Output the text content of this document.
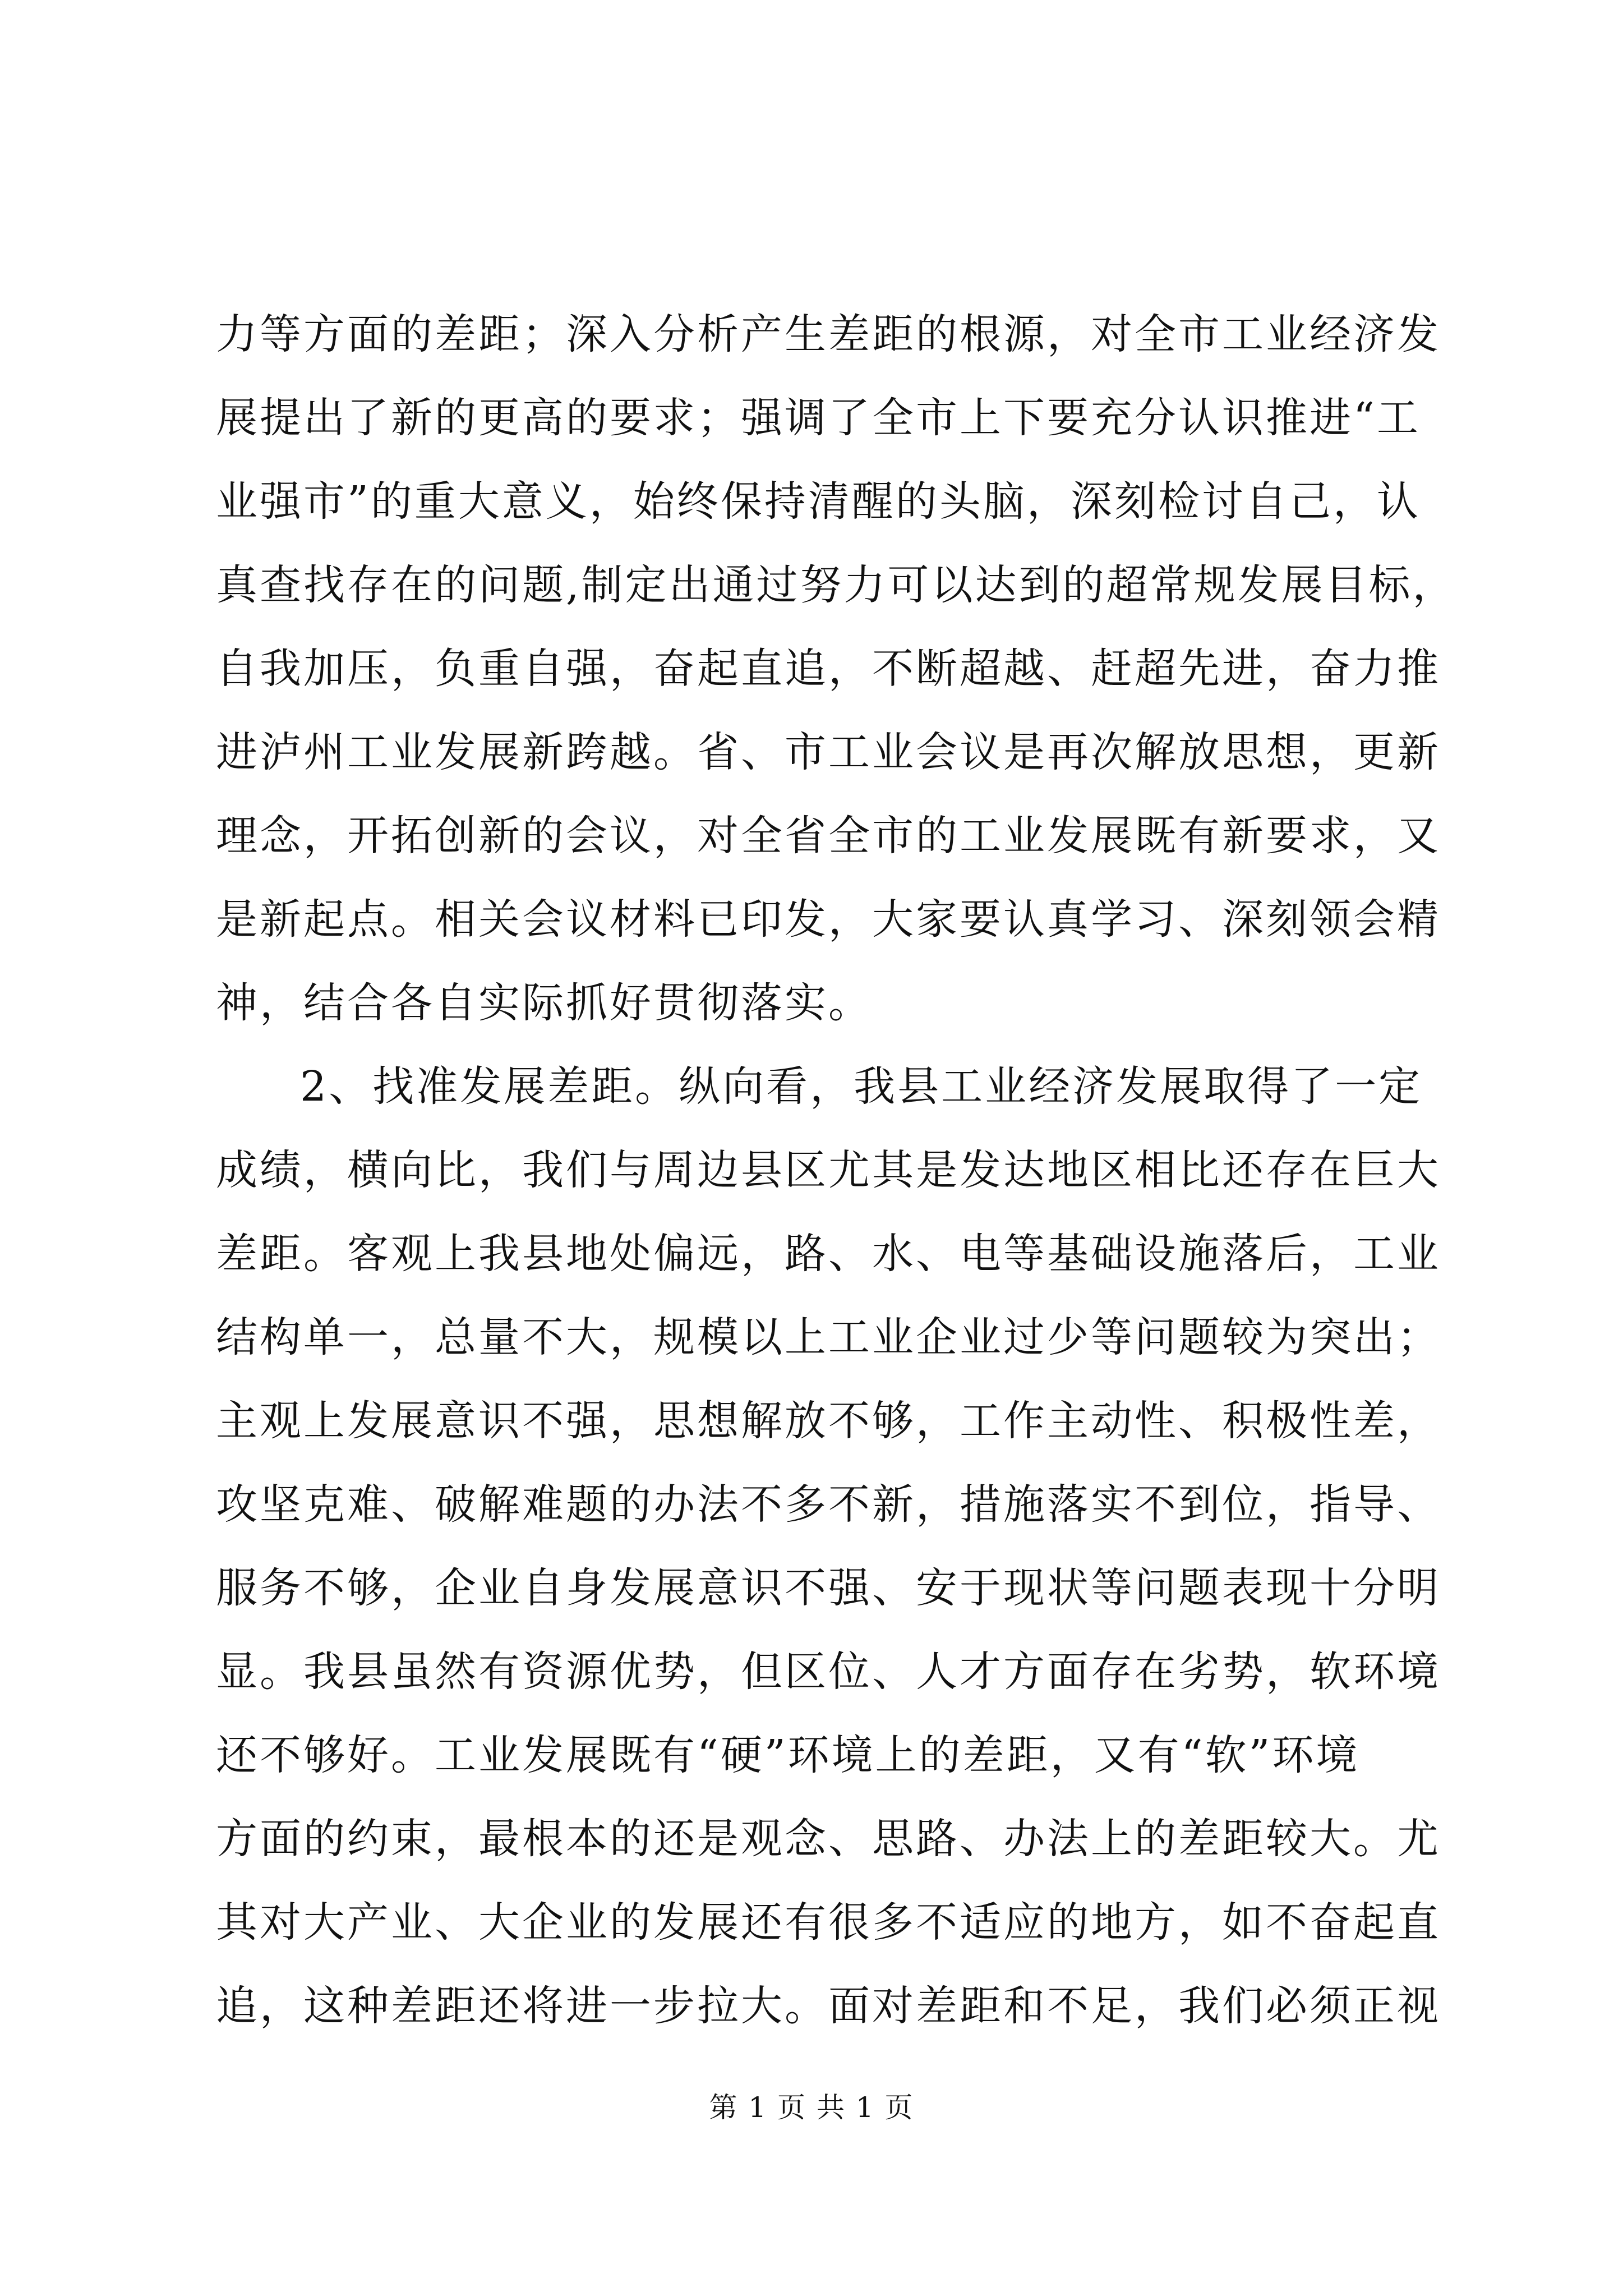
力等方面的差距；深入分析产生差距的根源，对全市工业经济发
展提出了新的更高的要求；强调了全市上下要充分认识推进“工
业强市”的重大意义，始终保持清醒的头脑，深刻检讨自己，认
真查找存在的问题,制定出通过努力可以达到的超常规发展目标，
自我加压，负重自强，奋起直追，不断超越、赶超先进，奋力推
进泸州工业发展新跨越。省、市工业会议是再次解放思想，更新
理念，开拓创新的会议，对全省全市的工业发展既有新要求，又
是新起点。相关会议材料已印发，大家要认真学习、深刻领会精
神，结合各自实际抓好贯彻落实。
2、找准发展差距。纵向看，我县工业经济发展取得了一定
成绩，横向比，我们与周边县区尤其是发达地区相比还存在巨大
差距。客观上我县地处偏远，路、水、电等基础设施落后，工业
结构单一，总量不大，规模以上工业企业过少等问题较为突出；
主观上发展意识不强，思想解放不够，工作主动性、积极性差，
攻坚克难、破解难题的办法不多不新，措施落实不到位，指导、
服务不够，企业自身发展意识不强、安于现状等问题表现十分明
显。我县虽然有资源优势，但区位、人才方面存在劣势，软环境
还不够好。工业发展既有“硬”环境上的差距，又有“软”环境
方面的约束，最根本的还是观念、思路、办法上的差距较大。尤
其对大产业、大企业的发展还有很多不适应的地方，如不奋起直
追，这种差距还将进一步拉大。面对差距和不足，我们必须正视
第 1 页 共 1 页
